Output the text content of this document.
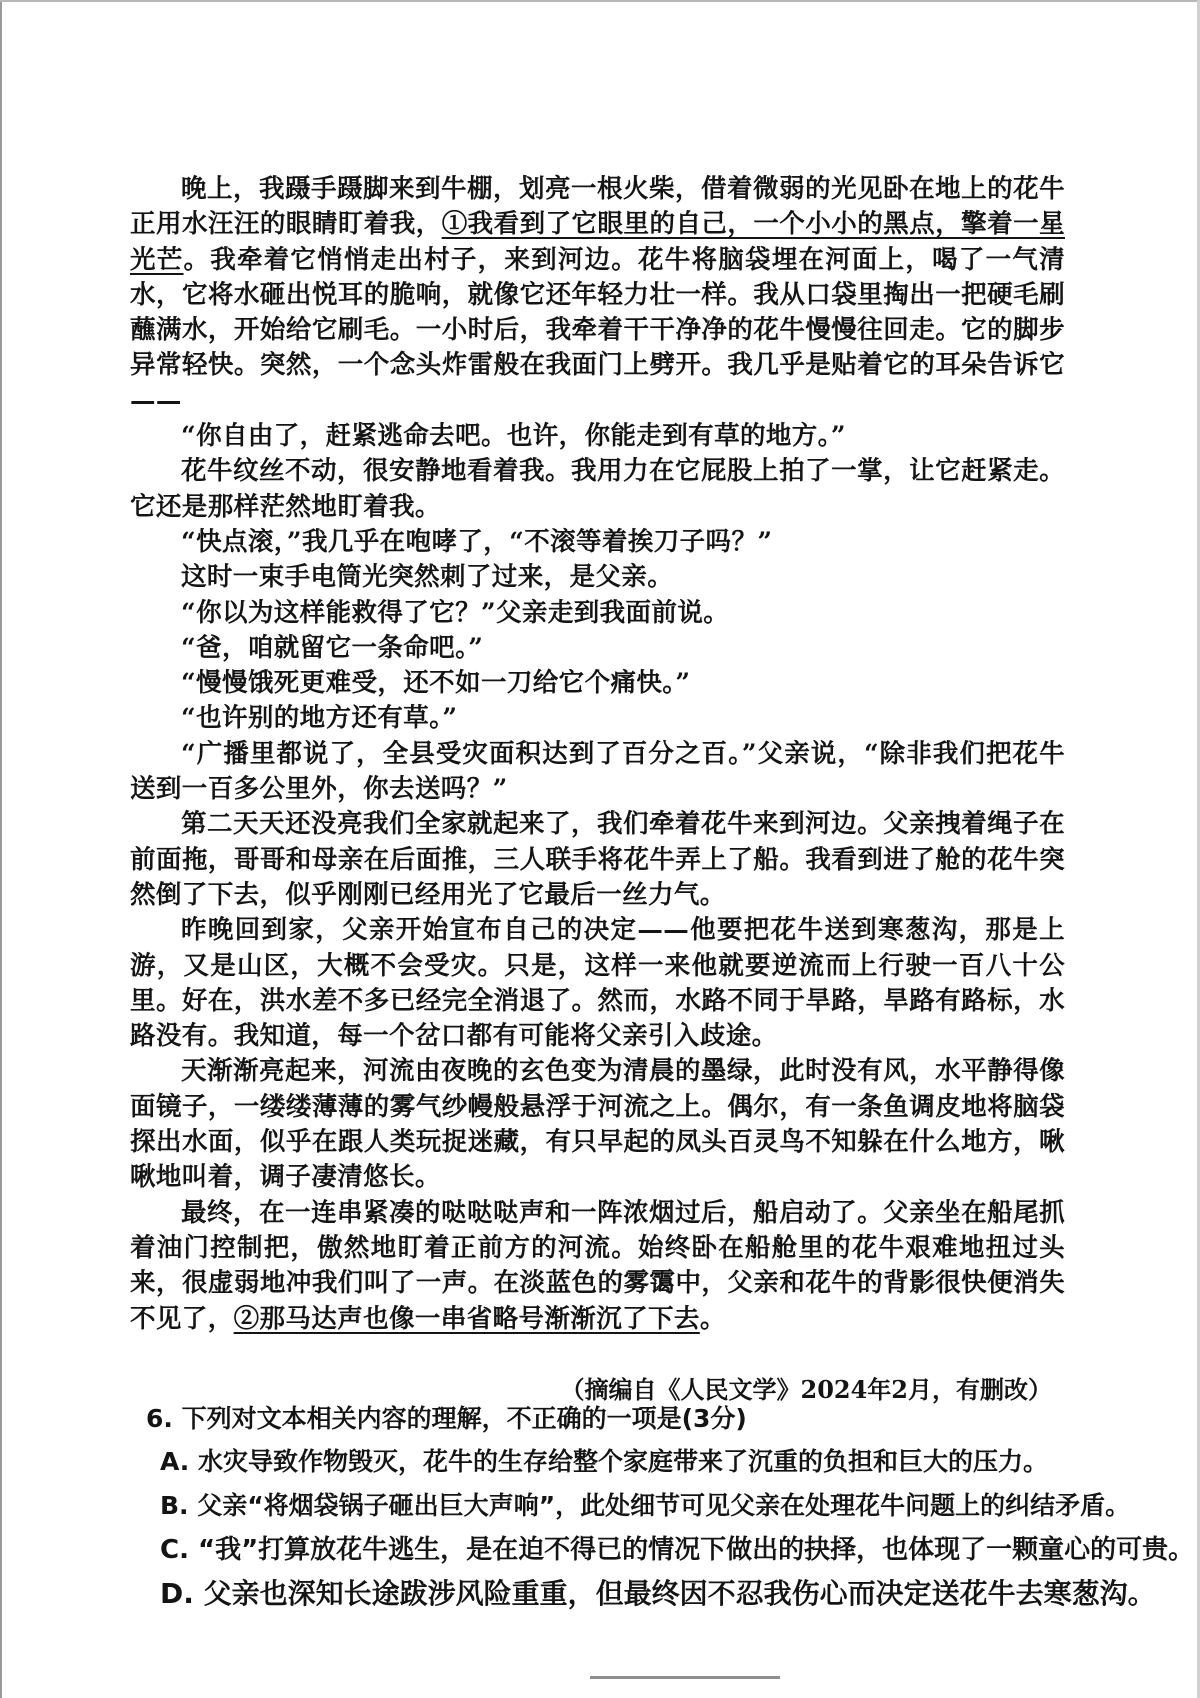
晚上，我蹑手蹑脚来到牛棚，划亮一根火柴，借着微弱的光见卧在地上的花牛正用水汪汪的眼睛盯着我，①我看到了它眼里的自己，一个小小的黑点，擎着一星光芒。我牵着它悄悄走出村子，来到河边。花牛将脑袋埋在河面上，喝了一气清水，它将水砸出悦耳的脆响，就像它还年轻力壮一样。我从口袋里掏出一把硬毛刷蘸满水，开始给它刷毛。一小时后，我牵着干干净净的花牛慢慢往回走。它的脚步异常轻快。突然，一个念头炸雷般在我面门上劈开。我几乎是贴着它的耳朵告诉它——

“你自由了，赶紧逃命去吧。也许，你能走到有草的地方。”

花牛纹丝不动，很安静地看着我。我用力在它屁股上拍了一掌，让它赶紧走。它还是那样茫然地盯着我。

“快点滚，”我几乎在咆哮了，“不滚等着挨刀子吗？”

这时一束手电筒光突然刺了过来，是父亲。

“你以为这样能救得了它？”父亲走到我面前说。

“爸，咱就留它一条命吧。”

“慢慢饿死更难受，还不如一刀给它个痛快。”

“也许别的地方还有草。”

“广播里都说了，全县受灾面积达到了百分之百。”父亲说，“除非我们把花牛送到一百多公里外，你去送吗？”

第二天天还没亮我们全家就起来了，我们牵着花牛来到河边。父亲拽着绳子在前面拖，哥哥和母亲在后面推，三人联手将花牛弄上了船。我看到进了舱的花牛突然倒了下去，似乎刚刚已经用光了它最后一丝力气。

昨晚回到家，父亲开始宣布自己的决定——他要把花牛送到寒葱沟，那是上游，又是山区，大概不会受灾。只是，这样一来他就要逆流而上行驶一百八十公里。好在，洪水差不多已经完全消退了。然而，水路不同于旱路，旱路有路标，水路没有。我知道，每一个岔口都有可能将父亲引入歧途。

天渐渐亮起来，河流由夜晚的玄色变为清晨的墨绿，此时没有风，水平静得像面镜子，一缕缕薄薄的雾气纱幔般悬浮于河流之上。偶尔，有一条鱼调皮地将脑袋探出水面，似乎在跟人类玩捉迷藏，有只早起的凤头百灵鸟不知躲在什么地方，啾啾地叫着，调子凄清悠长。

最终，在一连串紧凑的哒哒哒声和一阵浓烟过后，船启动了。父亲坐在船尾抓着油门控制把，傲然地盯着正前方的河流。始终卧在船舱里的花牛艰难地扭过头来，很虚弱地冲我们叫了一声。在淡蓝色的雾霭中，父亲和花牛的背影很快便消失不见了，②那马达声也像一串省略号渐渐沉了下去。

（摘编自《人民文学》2024年2月，有删改）

6. 下列对文本相关内容的理解，不正确的一项是(3分)

A. 水灾导致作物毁灭，花牛的生存给整个家庭带来了沉重的负担和巨大的压力。

B. 父亲“将烟袋锅子砸出巨大声响”，此处细节可见父亲在处理花牛问题上的纠结矛盾。

C. “我”打算放花牛逃生，是在迫不得已的情况下做出的抉择，也体现了一颗童心的可贵。

D. 父亲也深知长途跋涉风险重重，但最终因不忍我伤心而决定送花牛去寒葱沟。
